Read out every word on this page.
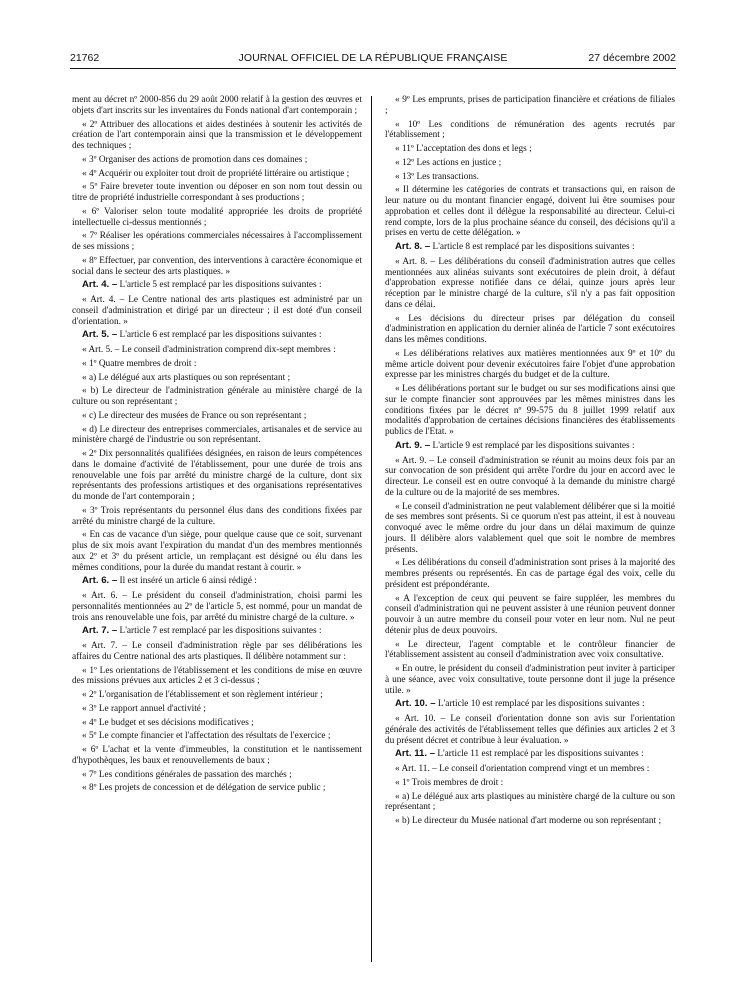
21762	JOURNAL OFFICIEL DE LA RÉPUBLIQUE FRANÇAISE	27 décembre 2002

ment au décret nº 2000-856 du 29 août 2000 relatif à la gestion des œuvres et objets d'art inscrits sur les inventaires du Fonds national d'art contemporain ;

« 2º Attribuer des allocations et aides destinées à soutenir les activités de création de l'art contemporain ainsi que la transmission et le développement des techniques ;

« 3º Organiser des actions de promotion dans ces domaines ;

« 4º Acquérir ou exploiter tout droit de propriété littéraire ou artistique ;

« 5º Faire breveter toute invention ou déposer en son nom tout dessin ou titre de propriété industrielle correspondant à ses productions ;

« 6º Valoriser selon toute modalité appropriée les droits de propriété intellectuelle ci-dessus mentionnés ;

« 7º Réaliser les opérations commerciales nécessaires à l'accomplissement de ses missions ;

« 8º Effectuer, par convention, des interventions à caractère économique et social dans le secteur des arts plastiques. »

Art. 4. – L'article 5 est remplacé par les dispositions suivantes :

« Art. 4. – Le Centre national des arts plastiques est administré par un conseil d'administration et dirigé par un directeur ; il est doté d'un conseil d'orientation. »

Art. 5. – L'article 6 est remplacé par les dispositions suivantes :

« Art. 5. – Le conseil d'administration comprend dix-sept membres :

« 1º Quatre membres de droit :

« a) Le délégué aux arts plastiques ou son représentant ;

« b) Le directeur de l'administration générale au ministère chargé de la culture ou son représentant ;

« c) Le directeur des musées de France ou son représentant ;

« d) Le directeur des entreprises commerciales, artisanales et de service au ministère chargé de l'industrie ou son représentant.

« 2º Dix personnalités qualifiées désignées, en raison de leurs compétences dans le domaine d'activité de l'établissement, pour une durée de trois ans renouvelable une fois par arrêté du ministre chargé de la culture, dont six représentants des professions artistiques et des organisations représentatives du monde de l'art contemporain ;

« 3º Trois représentants du personnel élus dans des conditions fixées par arrêté du ministre chargé de la culture.

« En cas de vacance d'un siège, pour quelque cause que ce soit, survenant plus de six mois avant l'expiration du mandat d'un des membres mentionnés aux 2º et 3º du présent article, un remplaçant est désigné ou élu dans les mêmes conditions, pour la durée du mandat restant à courir. »

Art. 6. – Il est inséré un article 6 ainsi rédigé :

« Art. 6. – Le président du conseil d'administration, choisi parmi les personnalités mentionnées au 2º de l'article 5, est nommé, pour un mandat de trois ans renouvelable une fois, par arrêté du ministre chargé de la culture. »

Art. 7. – L'article 7 est remplacé par les dispositions suivantes :

« Art. 7. – Le conseil d'administration règle par ses délibérations les affaires du Centre national des arts plastiques. Il délibère notamment sur :

« 1º Les orientations de l'établissement et les conditions de mise en œuvre des missions prévues aux articles 2 et 3 ci-dessus ;

« 2º L'organisation de l'établissement et son règlement intérieur ;

« 3º Le rapport annuel d'activité ;

« 4º Le budget et ses décisions modificatives ;

« 5º Le compte financier et l'affectation des résultats de l'exercice ;

« 6º L'achat et la vente d'immeubles, la constitution et le nantissement d'hypothèques, les baux et renouvellements de baux ;

« 7º Les conditions générales de passation des marchés ;

« 8º Les projets de concession et de délégation de service public ;

« 9º Les emprunts, prises de participation financière et créations de filiales ;

« 10º Les conditions de rémunération des agents recrutés par l'établissement ;

« 11º L'acceptation des dons et legs ;

« 12º Les actions en justice ;

« 13º Les transactions.

« Il détermine les catégories de contrats et transactions qui, en raison de leur nature ou du montant financier engagé, doivent lui être soumises pour approbation et celles dont il délègue la responsabilité au directeur. Celui-ci rend compte, lors de la plus prochaine séance du conseil, des décisions qu'il a prises en vertu de cette délégation. »

Art. 8. – L'article 8 est remplacé par les dispositions suivantes :

« Art. 8. – Les délibérations du conseil d'administration autres que celles mentionnées aux alinéas suivants sont exécutoires de plein droit, à défaut d'approbation expresse notifiée dans ce délai, quinze jours après leur réception par le ministre chargé de la culture, s'il n'y a pas fait opposition dans ce délai.

« Les décisions du directeur prises par délégation du conseil d'administration en application du dernier alinéa de l'article 7 sont exécutoires dans les mêmes conditions.

« Les délibérations relatives aux matières mentionnées aux 9º et 10º du même article doivent pour devenir exécutoires faire l'objet d'une approbation expresse par les ministres chargés du budget et de la culture.

« Les délibérations portant sur le budget ou sur ses modifications ainsi que sur le compte financier sont approuvées par les mêmes ministres dans les conditions fixées par le décret nº 99-575 du 8 juillet 1999 relatif aux modalités d'approbation de certaines décisions financières des établissements publics de l'Etat. »

Art. 9. – L'article 9 est remplacé par les dispositions suivantes :

« Art. 9. – Le conseil d'administration se réunit au moins deux fois par an sur convocation de son président qui arrête l'ordre du jour en accord avec le directeur. Le conseil est en outre convoqué à la demande du ministre chargé de la culture ou de la majorité de ses membres.

« Le conseil d'administration ne peut valablement délibérer que si la moitié de ses membres sont présents. Si ce quorum n'est pas atteint, il est à nouveau convoqué avec le même ordre du jour dans un délai maximum de quinze jours. Il délibère alors valablement quel que soit le nombre de membres présents.

« Les délibérations du conseil d'administration sont prises à la majorité des membres présents ou représentés. En cas de partage égal des voix, celle du président est prépondérante.

« A l'exception de ceux qui peuvent se faire suppléer, les membres du conseil d'administration qui ne peuvent assister à une réunion peuvent donner pouvoir à un autre membre du conseil pour voter en leur nom. Nul ne peut détenir plus de deux pouvoirs.

« Le directeur, l'agent comptable et le contrôleur financier de l'établissement assistent au conseil d'administration avec voix consultative.

« En outre, le président du conseil d'administration peut inviter à participer à une séance, avec voix consultative, toute personne dont il juge la présence utile. »

Art. 10. – L'article 10 est remplacé par les dispositions suivantes :

« Art. 10. – Le conseil d'orientation donne son avis sur l'orientation générale des activités de l'établissement telles que définies aux articles 2 et 3 du présent décret et contribue à leur évaluation. »

Art. 11. – L'article 11 est remplacé par les dispositions suivantes :

« Art. 11. – Le conseil d'orientation comprend vingt et un membres :

« 1º Trois membres de droit :

« a) Le délégué aux arts plastiques au ministère chargé de la culture ou son représentant ;

« b) Le directeur du Musée national d'art moderne ou son représentant ;
